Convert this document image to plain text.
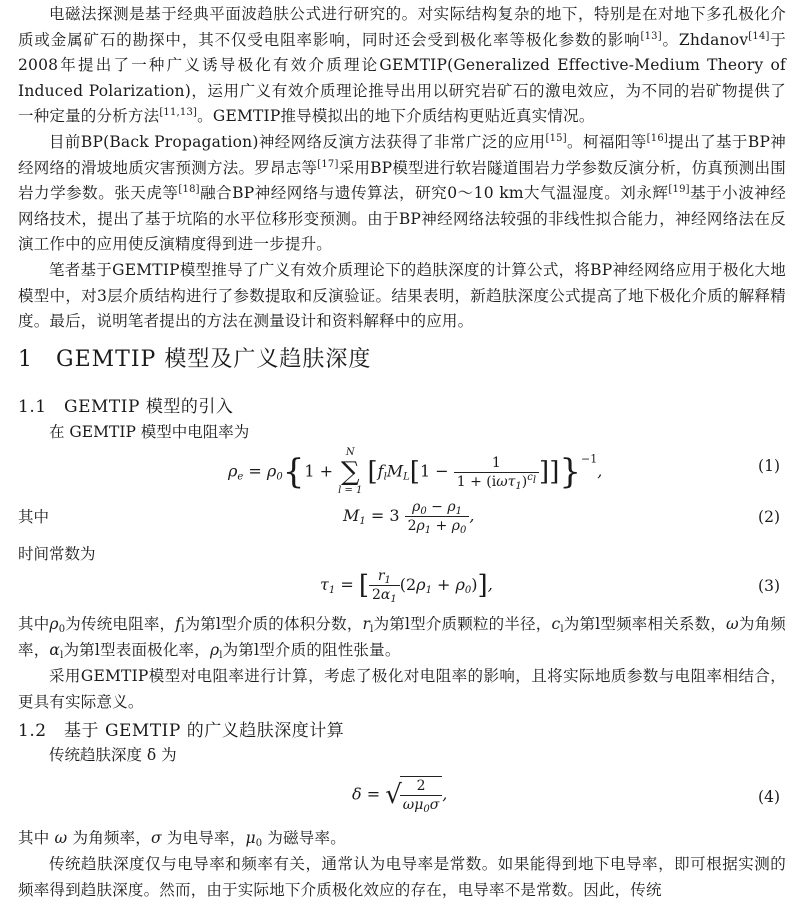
电磁法探测是基于经典平面波趋肤公式进行研究的。对实际结构复杂的地下，特别是在对地下多孔极化介质或金属矿石的勘探中，其不仅受电阻率影响，同时还会受到极化率等极化参数的影响[13]。Zhdanov[14]于2008年提出了一种广义诱导极化有效介质理论GEMTIP(Generalized Effective-Medium Theory of Induced Polarization)，运用广义有效介质理论推导出用以研究岩矿石的激电效应，为不同的岩矿物提供了一种定量的分析方法[11,13]。GEMTIP推导模拟出的地下介质结构更贴近真实情况。

目前BP(Back Propagation)神经网络反演方法获得了非常广泛的应用[15]。柯福阳等[16]提出了基于BP神经网络的滑坡地质灾害预测方法。罗昂志等[17]采用BP模型进行软岩隧道围岩力学参数反演分析，仿真预测出围岩力学参数。张天虎等[18]融合BP神经网络与遗传算法，研究0～10 km大气温湿度。刘永辉[19]基于小波神经网络技术，提出了基于坑陷的水平位移形变预测。由于BP神经网络法较强的非线性拟合能力，神经网络法在反演工作中的应用使反演精度得到进一步提升。

笔者基于GEMTIP模型推导了广义有效介质理论下的趋肤深度的计算公式，将BP神经网络应用于极化大地模型中，对3层介质结构进行了参数提取和反演验证。结果表明，新趋肤深度公式提高了地下极化介质的解释精度。最后，说明笔者提出的方法在测量设计和资料解释中的应用。

1　GEMTIP 模型及广义趋肤深度
1.1　GEMTIP 模型的引入
在 GEMTIP 模型中电阻率为
$\rho_e = \rho_0\{1$ +
N
∑
l = 1
$[f_lM_L[1 - \frac{1}{1 + (i\omega\tau_1)^{c_l}} ]]\}^{-1}$,	(1)
其中	$M_1 = 3 \frac{\rho_0 - \rho_1}{2\rho_1 + \rho_0}$ ,	(2)
时间常数为
$\tau_1$ = [ $\frac{r_1}{2\alpha_1} (2\rho_1 + \rho_0)$],	(3)

其中$\rho_0$为传统电阻率，$f_l$为第l型介质的体积分数，$r_l$为第l型介质颗粒的半径，$c_l$为第l型频率相关系数，ω为角频率，$\alpha_l$为第l型表面极化率，$\rho_l$为第l型介质的阻性张量。

采用GEMTIP模型对电阻率进行计算，考虑了极化对电阻率的影响，且将实际地质参数与电阻率相结合，更具有实际意义。

1.2　基于 GEMTIP 的广义趋肤深度计算
传统趋肤深度 δ 为
δ = √
$\frac{2}{\omega\mu_0\sigma}$ ,	(4)

其中 ω 为角频率，σ 为电导率，$\mu_0$ 为磁导率。

传统趋肤深度仅与电导率和频率有关，通常认为电导率是常数。如果能得到地下电导率，即可根据实测的频率得到趋肤深度。然而，由于实际地下介质极化效应的存在，电导率不是常数。因此，传统
